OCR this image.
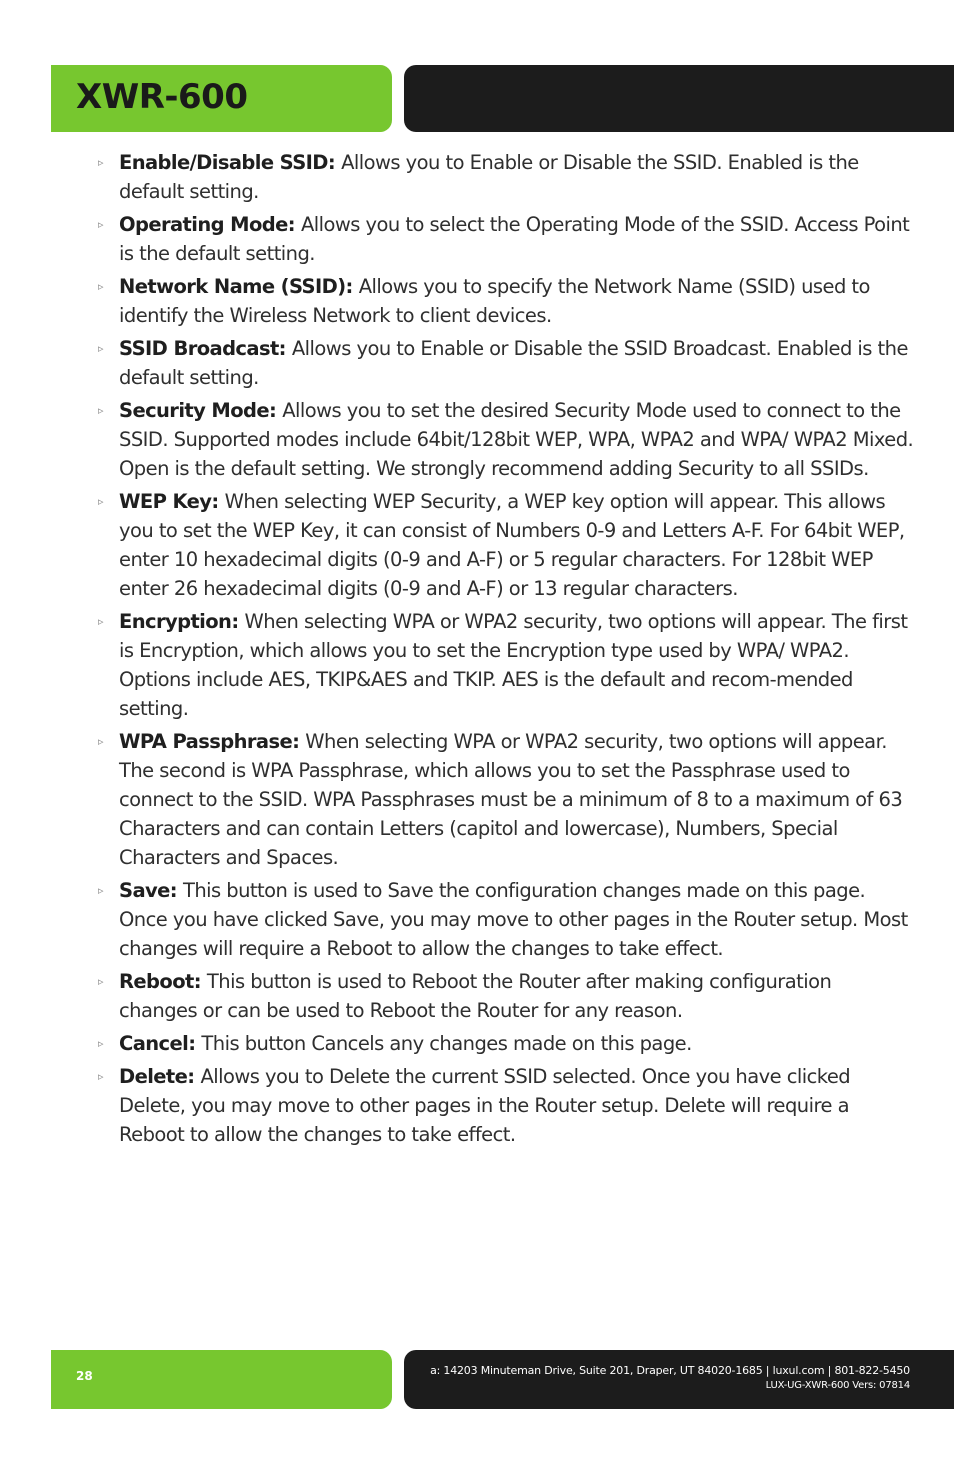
XWR-600
▹ Enable/Disable SSID: Allows you to Enable or Disable the SSID. Enabled is the default setting.
▹ Operating Mode: Allows you to select the Operating Mode of the SSID. Access Point is the default setting.
▹ Network Name (SSID): Allows you to specify the Network Name (SSID) used to identify the Wireless Network to client devices.
▹ SSID Broadcast: Allows you to Enable or Disable the SSID Broadcast. Enabled is the default setting.
▹ Security Mode: Allows you to set the desired Security Mode used to connect to the SSID. Supported modes include 64bit/128bit WEP, WPA, WPA2 and WPA/ WPA2 Mixed. Open is the default setting. We strongly recommend adding Security to all SSIDs.
▹ WEP Key: When selecting WEP Security, a WEP key option will appear. This allows you to set the WEP Key, it can consist of Numbers 0-9 and Letters A-F. For 64bit WEP, enter 10 hexadecimal digits (0-9 and A-F) or 5 regular characters. For 128bit WEP enter 26 hexadecimal digits (0-9 and A-F) or 13 regular characters.
▹ Encryption: When selecting WPA or WPA2 security, two options will appear. The first is Encryption, which allows you to set the Encryption type used by WPA/ WPA2. Options include AES, TKIP&AES and TKIP. AES is the default and recom-mended setting.
▹ WPA Passphrase: When selecting WPA or WPA2 security, two options will appear. The second is WPA Passphrase, which allows you to set the Passphrase used to connect to the SSID. WPA Passphrases must be a minimum of 8 to a maximum of 63 Characters and can contain Letters (capitol and lowercase), Numbers, Special Characters and Spaces.
▹ Save: This button is used to Save the configuration changes made on this page. Once you have clicked Save, you may move to other pages in the Router setup. Most changes will require a Reboot to allow the changes to take effect.
▹ Reboot: This button is used to Reboot the Router after making configuration changes or can be used to Reboot the Router for any reason.
▹ Cancel: This button Cancels any changes made on this page.
▹ Delete: Allows you to Delete the current SSID selected. Once you have clicked Delete, you may move to other pages in the Router setup. Delete will require a Reboot to allow the changes to take effect.
28	a: 14203 Minuteman Drive, Suite 201, Draper, UT 84020-1685 | luxul.com | 801-822-5450
LUX-UG-XWR-600 Vers: 07814
